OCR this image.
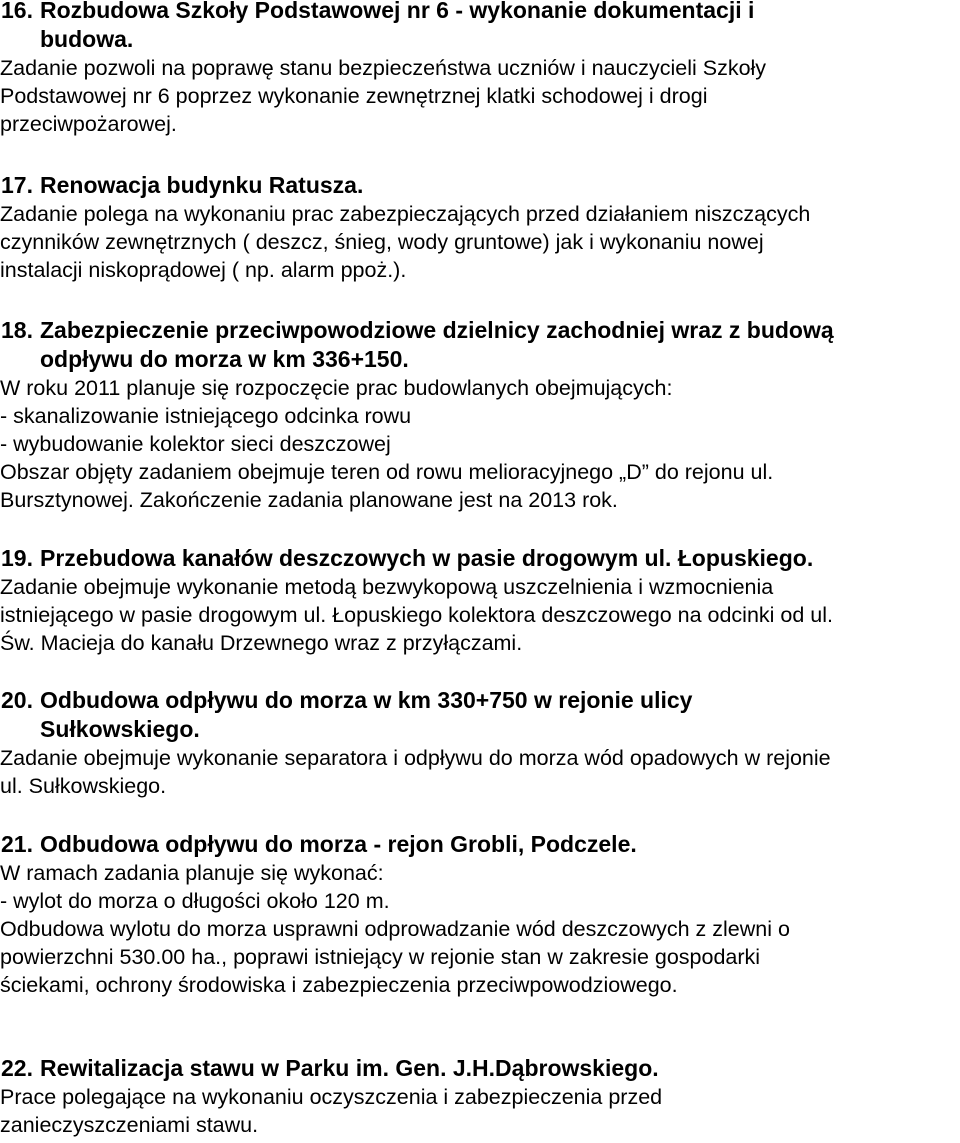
16. Rozbudowa Szkoły Podstawowej nr 6 - wykonanie dokumentacji i
budowa.
Zadanie pozwoli na poprawę stanu bezpieczeństwa uczniów i nauczycieli Szkoły
Podstawowej nr 6 poprzez wykonanie zewnętrznej klatki schodowej i drogi
przeciwpożarowej.
17. Renowacja budynku Ratusza.
Zadanie polega na wykonaniu prac zabezpieczających przed działaniem niszczących
czynników zewnętrznych ( deszcz, śnieg, wody gruntowe) jak i wykonaniu nowej
instalacji niskoprądowej ( np. alarm ppoż.).
18. Zabezpieczenie przeciwpowodziowe dzielnicy zachodniej wraz z budową
odpływu do morza w km 336+150.
W roku 2011 planuje się rozpoczęcie prac budowlanych obejmujących:
- skanalizowanie istniejącego odcinka rowu
- wybudowanie kolektor sieci deszczowej
Obszar objęty zadaniem obejmuje teren od rowu melioracyjnego „D” do rejonu ul.
Bursztynowej. Zakończenie zadania planowane jest na 2013 rok.
19. Przebudowa kanałów deszczowych w pasie drogowym ul. Łopuskiego.
Zadanie obejmuje wykonanie metodą bezwykopową uszczelnienia i wzmocnienia
istniejącego w pasie drogowym ul. Łopuskiego kolektora deszczowego na odcinki od ul.
Św. Macieja do kanału Drzewnego wraz z przyłączami.
20. Odbudowa odpływu do morza w km 330+750 w rejonie ulicy
Sułkowskiego.
Zadanie obejmuje wykonanie separatora i odpływu do morza wód opadowych w rejonie
ul. Sułkowskiego.
21. Odbudowa odpływu do morza - rejon Grobli, Podczele.
W ramach zadania planuje się wykonać:
- wylot do morza o długości około 120 m.
Odbudowa wylotu do morza usprawni odprowadzanie wód deszczowych z zlewni o
powierzchni 530.00 ha., poprawi istniejący w rejonie stan w zakresie gospodarki
ściekami, ochrony środowiska i zabezpieczenia przeciwpowodziowego.
22. Rewitalizacja stawu w Parku im. Gen. J.H.Dąbrowskiego.
Prace polegające na wykonaniu oczyszczenia i zabezpieczenia przed
zanieczyszczeniami stawu.
